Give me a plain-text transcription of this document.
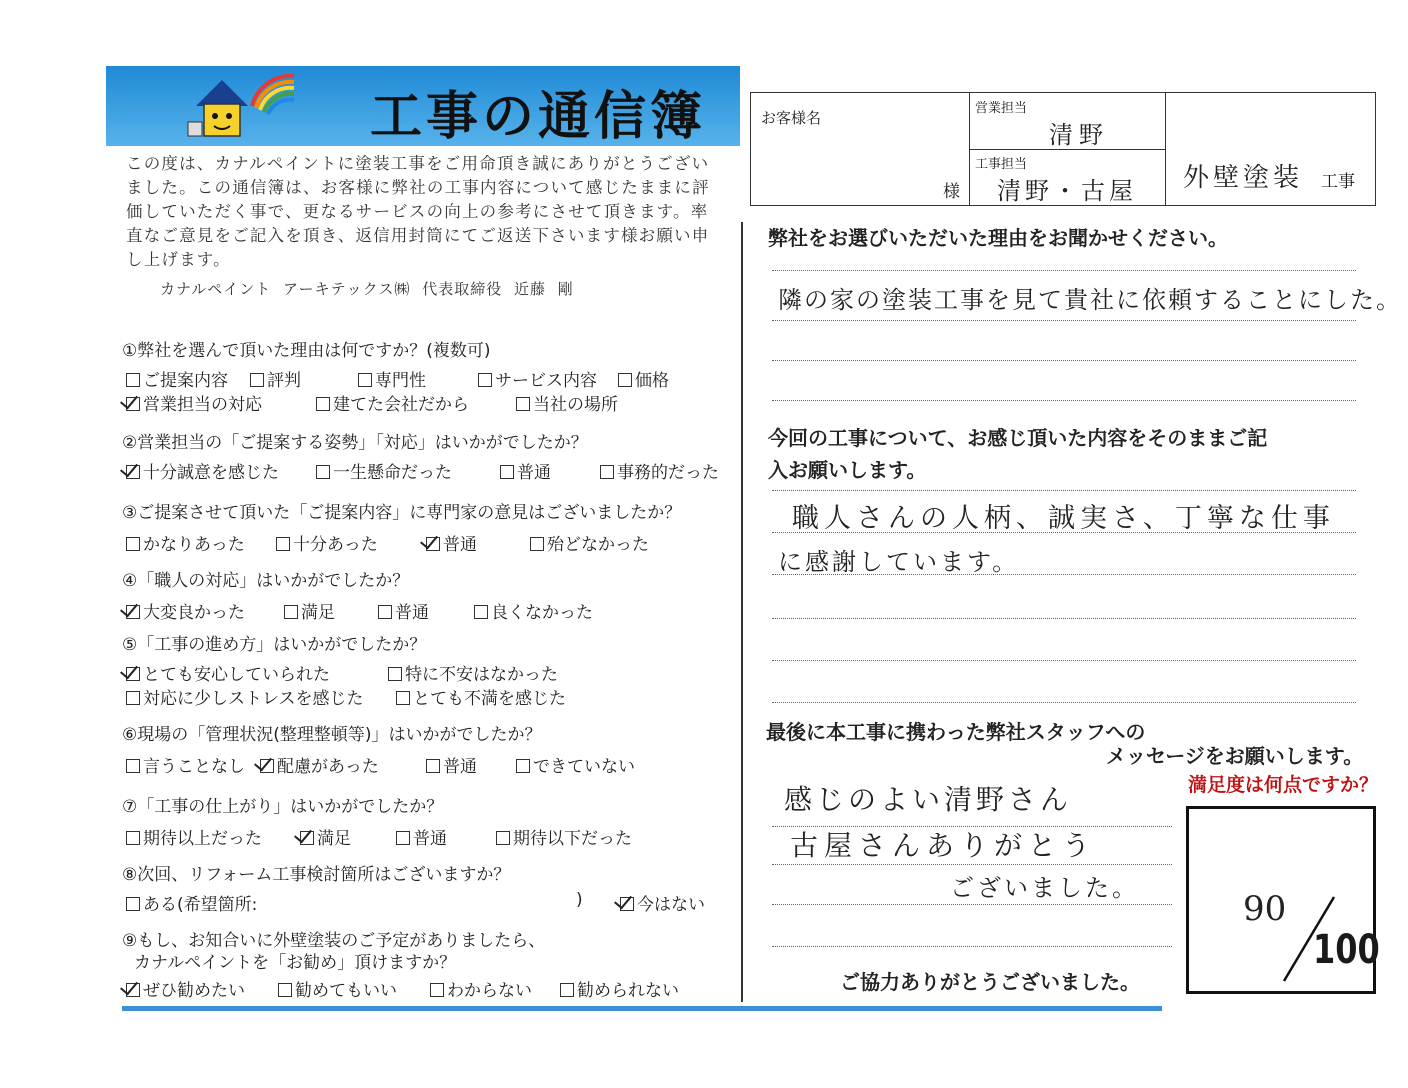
工事の通信簿
この度は、カナルペイントに塗装工事をご用命頂き誠にありがとうございました。この通信簿は、お客様に弊社の工事内容について感じたままに評価していただく事で、更なるサービスの向上の参考にさせて頂きます。率直なご意見をご記入を頂き、返信用封筒にてご返送下さいます様お願い申し上げます。
カナルペイント アーキテックス㈱ 代表取締役 近藤 剛
①弊社を選んで頂いた理由は何ですか？(複数可)
ご提案内容	評判	専門性	サービス内容	価格
営業担当の対応	建てた会社だから	当社の場所
②営業担当の「ご提案する姿勢」「対応」はいかがでしたか？
十分誠意を感じた	一生懸命だった	普通	事務的だった
③ご提案させて頂いた「ご提案内容」に専門家の意見はございましたか？
かなりあった	十分あった	普通	殆どなかった
④「職人の対応」はいかがでしたか？
大変良かった	満足	普通	良くなかった
⑤「工事の進め方」はいかがでしたか？
とても安心していられた	特に不安はなかった
対応に少しストレスを感じた	とても不満を感じた
⑥現場の「管理状況(整理整頓等)」はいかがでしたか？
言うことなし	配慮があった	普通	できていない
⑦「工事の仕上がり」はいかがでしたか？
期待以上だった	満足	普通	期待以下だった
⑧次回、リフォーム工事検討箇所はございますか？
ある(希望箇所:	)	今はない
⑨もし、お知合いに外壁塗装のご予定がありましたら、
カナルペイントを「お勧め」頂けますか？
ぜひ勧めたい	勧めてもいい	わからない	勧められない
お客様名
様
営業担当
清野
工事担当
清野・古屋 外壁塗装 工事
弊社をお選びいただいた理由をお聞かせください。
隣の家の塗装工事を見て貴社に依頼することにした。
今回の工事について、お感じ頂いた内容をそのままご記
入お願いします。
職人さんの人柄、誠実さ、丁寧な仕事
に感謝しています。
最後に本工事に携わった弊社スタッフへの
メッセージをお願いします。
感じのよい清野さん
古屋さんありがとう
ございました。
満足度は何点ですか？
90
100
ご協力ありがとうございました。
